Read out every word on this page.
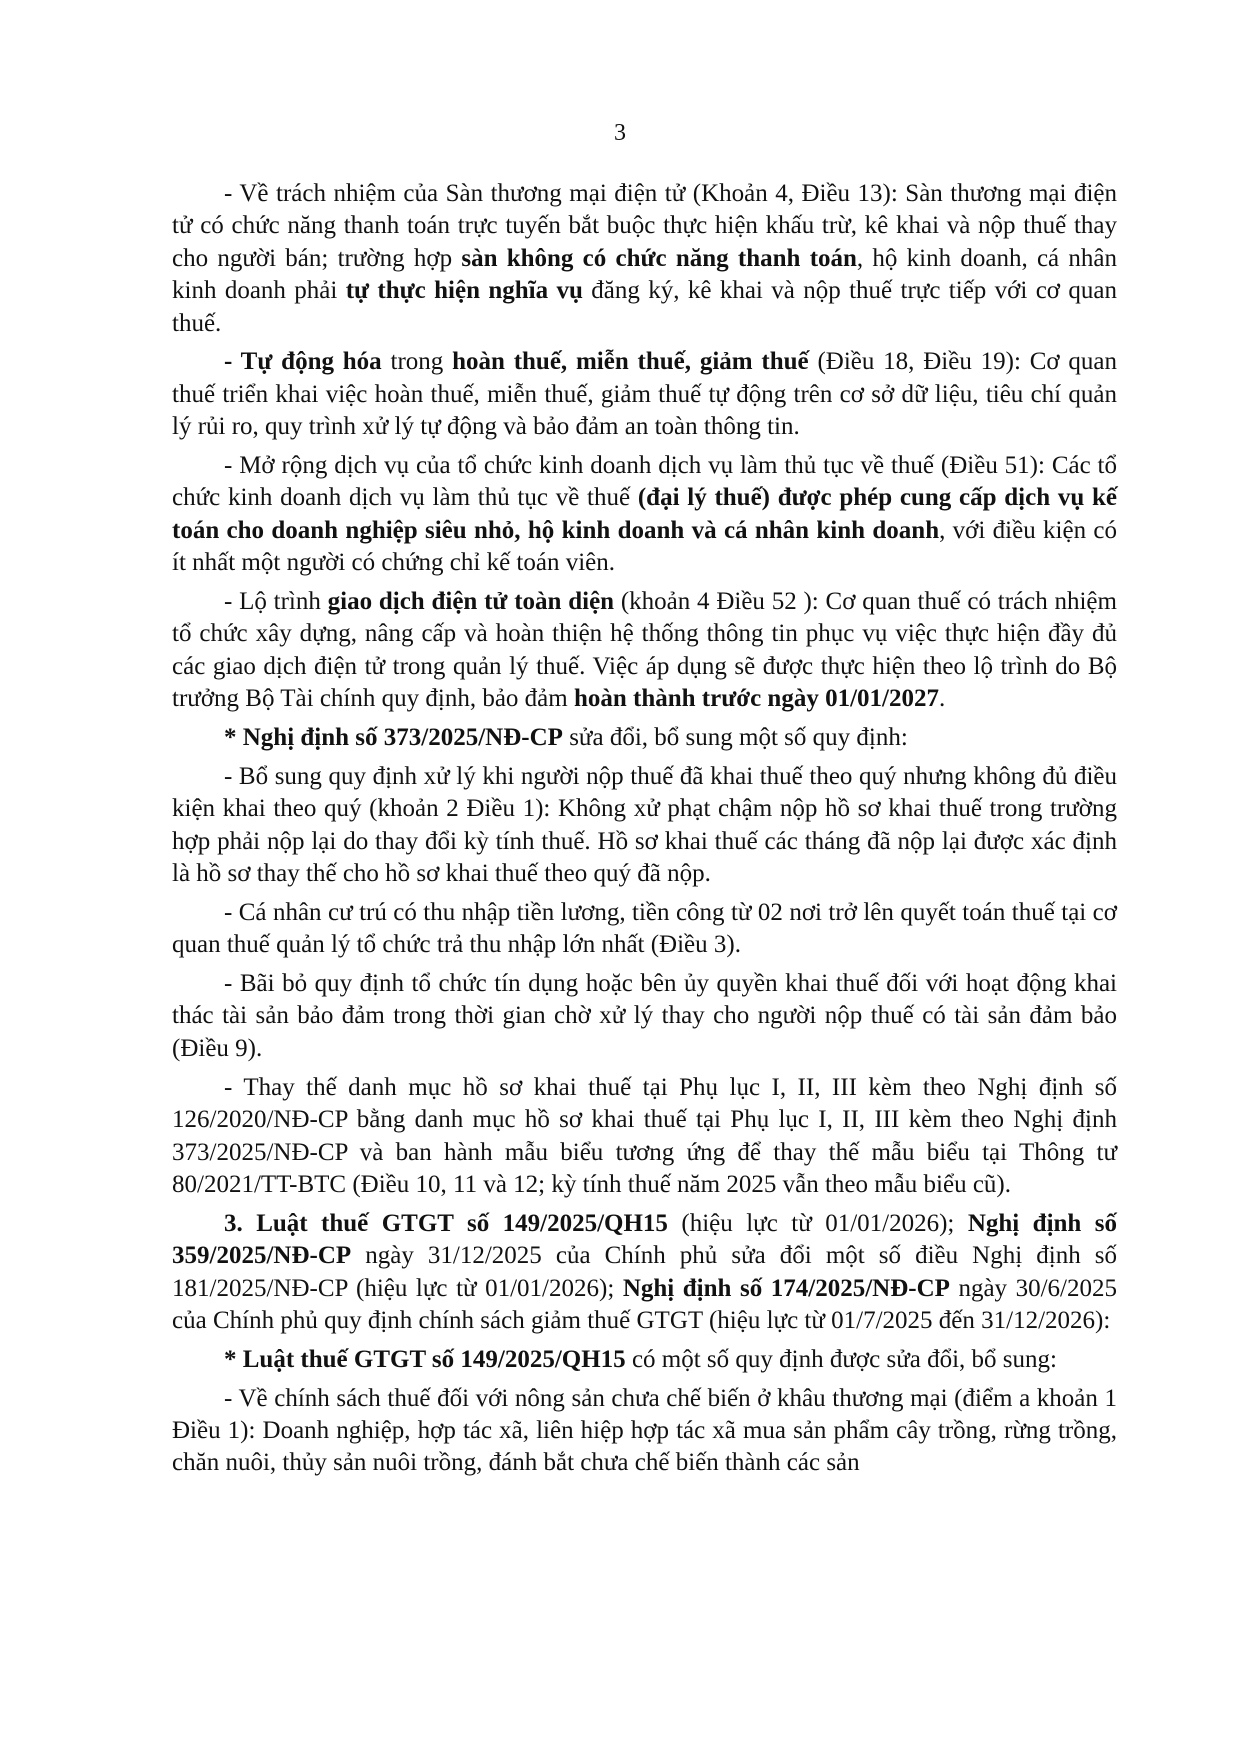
3

- Về trách nhiệm của Sàn thương mại điện tử (Khoản 4, Điều 13): Sàn thương mại điện tử có chức năng thanh toán trực tuyến bắt buộc thực hiện khấu trừ, kê khai và nộp thuế thay cho người bán; trường hợp sàn không có chức năng thanh toán, hộ kinh doanh, cá nhân kinh doanh phải tự thực hiện nghĩa vụ đăng ký, kê khai và nộp thuế trực tiếp với cơ quan thuế.

- Tự động hóa trong hoàn thuế, miễn thuế, giảm thuế (Điều 18, Điều 19): Cơ quan thuế triển khai việc hoàn thuế, miễn thuế, giảm thuế tự động trên cơ sở dữ liệu, tiêu chí quản lý rủi ro, quy trình xử lý tự động và bảo đảm an toàn thông tin.

- Mở rộng dịch vụ của tổ chức kinh doanh dịch vụ làm thủ tục về thuế (Điều 51): Các tổ chức kinh doanh dịch vụ làm thủ tục về thuế (đại lý thuế) được phép cung cấp dịch vụ kế toán cho doanh nghiệp siêu nhỏ, hộ kinh doanh và cá nhân kinh doanh, với điều kiện có ít nhất một người có chứng chỉ kế toán viên.

- Lộ trình giao dịch điện tử toàn diện (khoản 4 Điều 52 ): Cơ quan thuế có trách nhiệm tổ chức xây dựng, nâng cấp và hoàn thiện hệ thống thông tin phục vụ việc thực hiện đầy đủ các giao dịch điện tử trong quản lý thuế. Việc áp dụng sẽ được thực hiện theo lộ trình do Bộ trưởng Bộ Tài chính quy định, bảo đảm hoàn thành trước ngày 01/01/2027.

* Nghị định số 373/2025/NĐ-CP sửa đổi, bổ sung một số quy định:

- Bổ sung quy định xử lý khi người nộp thuế đã khai thuế theo quý nhưng không đủ điều kiện khai theo quý (khoản 2 Điều 1): Không xử phạt chậm nộp hồ sơ khai thuế trong trường hợp phải nộp lại do thay đổi kỳ tính thuế. Hồ sơ khai thuế các tháng đã nộp lại được xác định là hồ sơ thay thế cho hồ sơ khai thuế theo quý đã nộp.

- Cá nhân cư trú có thu nhập tiền lương, tiền công từ 02 nơi trở lên quyết toán thuế tại cơ quan thuế quản lý tổ chức trả thu nhập lớn nhất (Điều 3).

- Bãi bỏ quy định tổ chức tín dụng hoặc bên ủy quyền khai thuế đối với hoạt động khai thác tài sản bảo đảm trong thời gian chờ xử lý thay cho người nộp thuế có tài sản đảm bảo (Điều 9).

- Thay thế danh mục hồ sơ khai thuế tại Phụ lục I, II, III kèm theo Nghị định số 126/2020/NĐ-CP bằng danh mục hồ sơ khai thuế tại Phụ lục I, II, III kèm theo Nghị định 373/2025/NĐ-CP và ban hành mẫu biểu tương ứng để thay thế mẫu biểu tại Thông tư 80/2021/TT-BTC (Điều 10, 11 và 12; kỳ tính thuế năm 2025 vẫn theo mẫu biểu cũ).

3. Luật thuế GTGT số 149/2025/QH15 (hiệu lực từ 01/01/2026); Nghị định số 359/2025/NĐ-CP ngày 31/12/2025 của Chính phủ sửa đổi một số điều Nghị định số 181/2025/NĐ-CP (hiệu lực từ 01/01/2026); Nghị định số 174/2025/NĐ-CP ngày 30/6/2025 của Chính phủ quy định chính sách giảm thuế GTGT (hiệu lực từ 01/7/2025 đến 31/12/2026):

* Luật thuế GTGT số 149/2025/QH15 có một số quy định được sửa đổi, bổ sung:

- Về chính sách thuế đối với nông sản chưa chế biến ở khâu thương mại (điểm a khoản 1 Điều 1): Doanh nghiệp, hợp tác xã, liên hiệp hợp tác xã mua sản phẩm cây trồng, rừng trồng, chăn nuôi, thủy sản nuôi trồng, đánh bắt chưa chế biến thành các sản
